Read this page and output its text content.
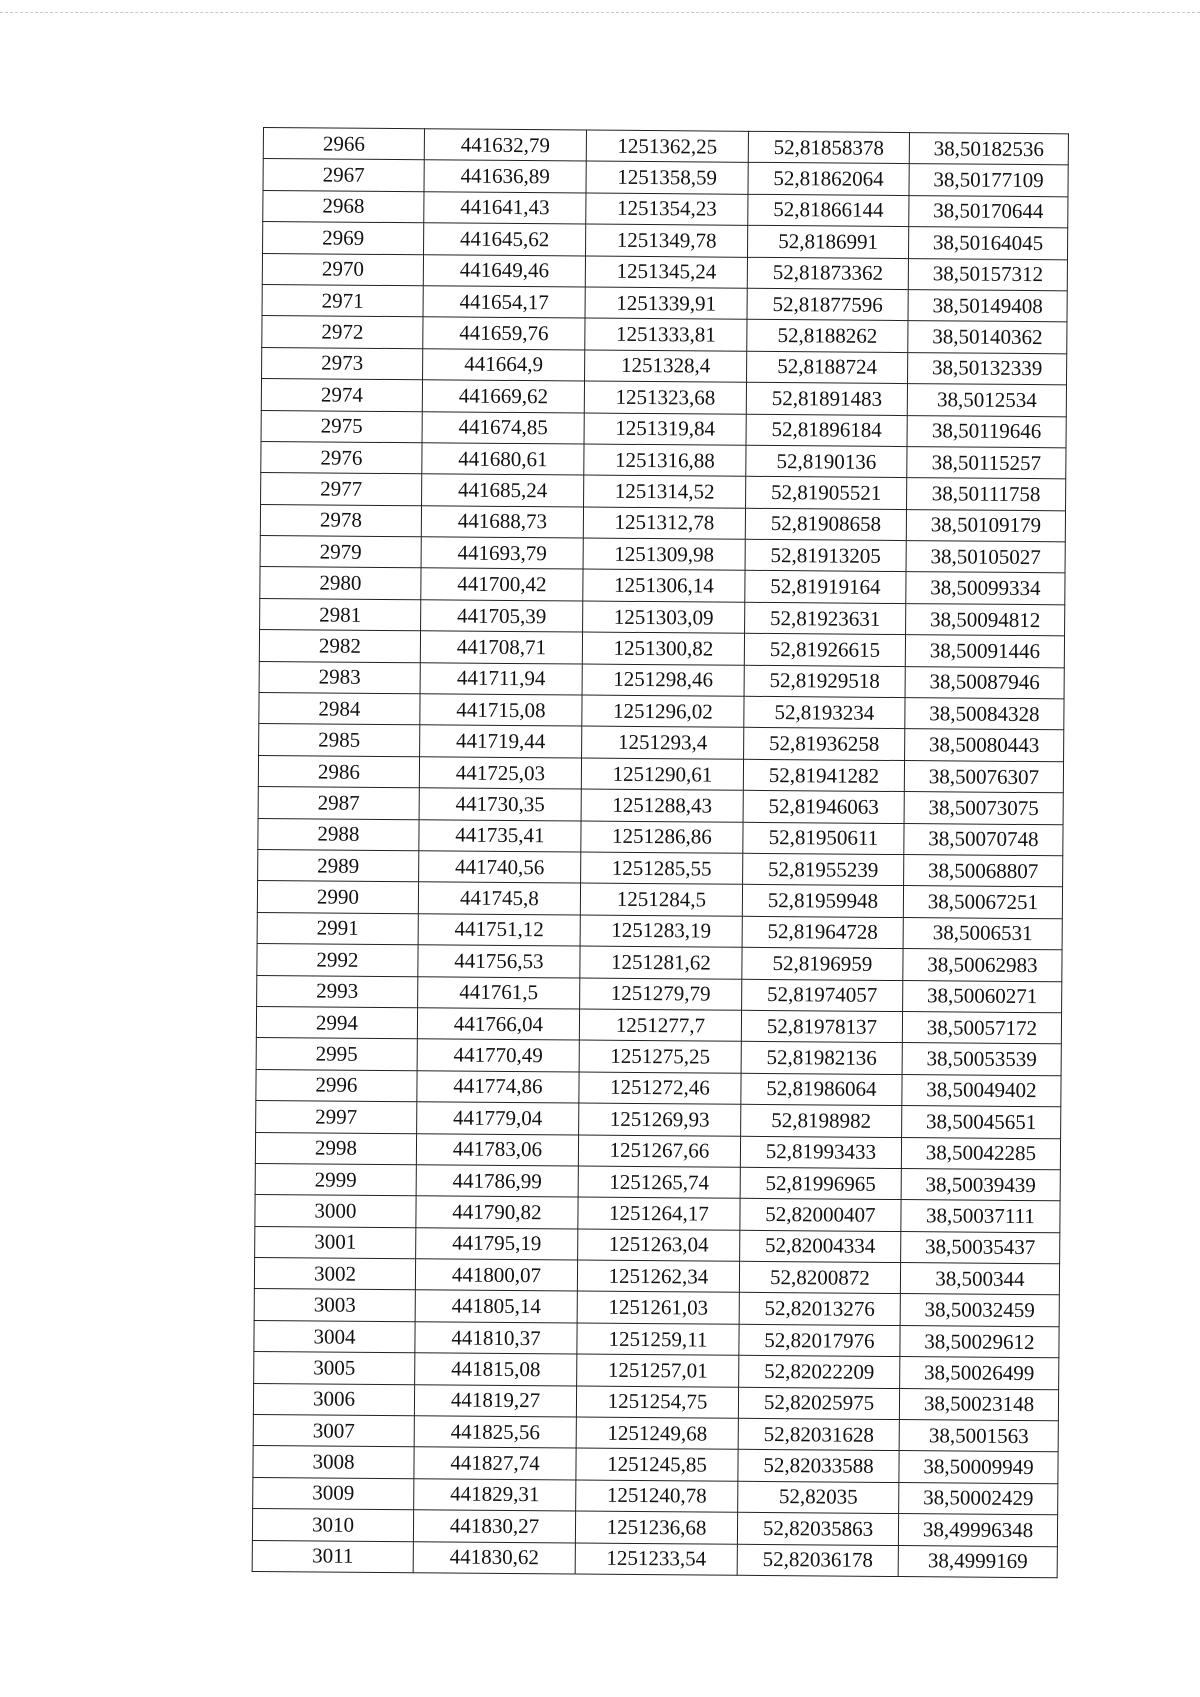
2966	441632,79	1251362,25	52,81858378	38,50182536
2967	441636,89	1251358,59	52,81862064	38,50177109
2968	441641,43	1251354,23	52,81866144	38,50170644
2969	441645,62	1251349,78	52,8186991	38,50164045
2970	441649,46	1251345,24	52,81873362	38,50157312
2971	441654,17	1251339,91	52,81877596	38,50149408
2972	441659,76	1251333,81	52,8188262	38,50140362
2973	441664,9	1251328,4	52,8188724	38,50132339
2974	441669,62	1251323,68	52,81891483	38,5012534
2975	441674,85	1251319,84	52,81896184	38,50119646
2976	441680,61	1251316,88	52,8190136	38,50115257
2977	441685,24	1251314,52	52,81905521	38,50111758
2978	441688,73	1251312,78	52,81908658	38,50109179
2979	441693,79	1251309,98	52,81913205	38,50105027
2980	441700,42	1251306,14	52,81919164	38,50099334
2981	441705,39	1251303,09	52,81923631	38,50094812
2982	441708,71	1251300,82	52,81926615	38,50091446
2983	441711,94	1251298,46	52,81929518	38,50087946
2984	441715,08	1251296,02	52,8193234	38,50084328
2985	441719,44	1251293,4	52,81936258	38,50080443
2986	441725,03	1251290,61	52,81941282	38,50076307
2987	441730,35	1251288,43	52,81946063	38,50073075
2988	441735,41	1251286,86	52,81950611	38,50070748
2989	441740,56	1251285,55	52,81955239	38,50068807
2990	441745,8	1251284,5	52,81959948	38,50067251
2991	441751,12	1251283,19	52,81964728	38,5006531
2992	441756,53	1251281,62	52,8196959	38,50062983
2993	441761,5	1251279,79	52,81974057	38,50060271
2994	441766,04	1251277,7	52,81978137	38,50057172
2995	441770,49	1251275,25	52,81982136	38,50053539
2996	441774,86	1251272,46	52,81986064	38,50049402
2997	441779,04	1251269,93	52,8198982	38,50045651
2998	441783,06	1251267,66	52,81993433	38,50042285
2999	441786,99	1251265,74	52,81996965	38,50039439
3000	441790,82	1251264,17	52,82000407	38,50037111
3001	441795,19	1251263,04	52,82004334	38,50035437
3002	441800,07	1251262,34	52,8200872	38,500344
3003	441805,14	1251261,03	52,82013276	38,50032459
3004	441810,37	1251259,11	52,82017976	38,50029612
3005	441815,08	1251257,01	52,82022209	38,50026499
3006	441819,27	1251254,75	52,82025975	38,50023148
3007	441825,56	1251249,68	52,82031628	38,5001563
3008	441827,74	1251245,85	52,82033588	38,50009949
3009	441829,31	1251240,78	52,82035	38,50002429
3010	441830,27	1251236,68	52,82035863	38,49996348
3011	441830,62	1251233,54	52,82036178	38,4999169
